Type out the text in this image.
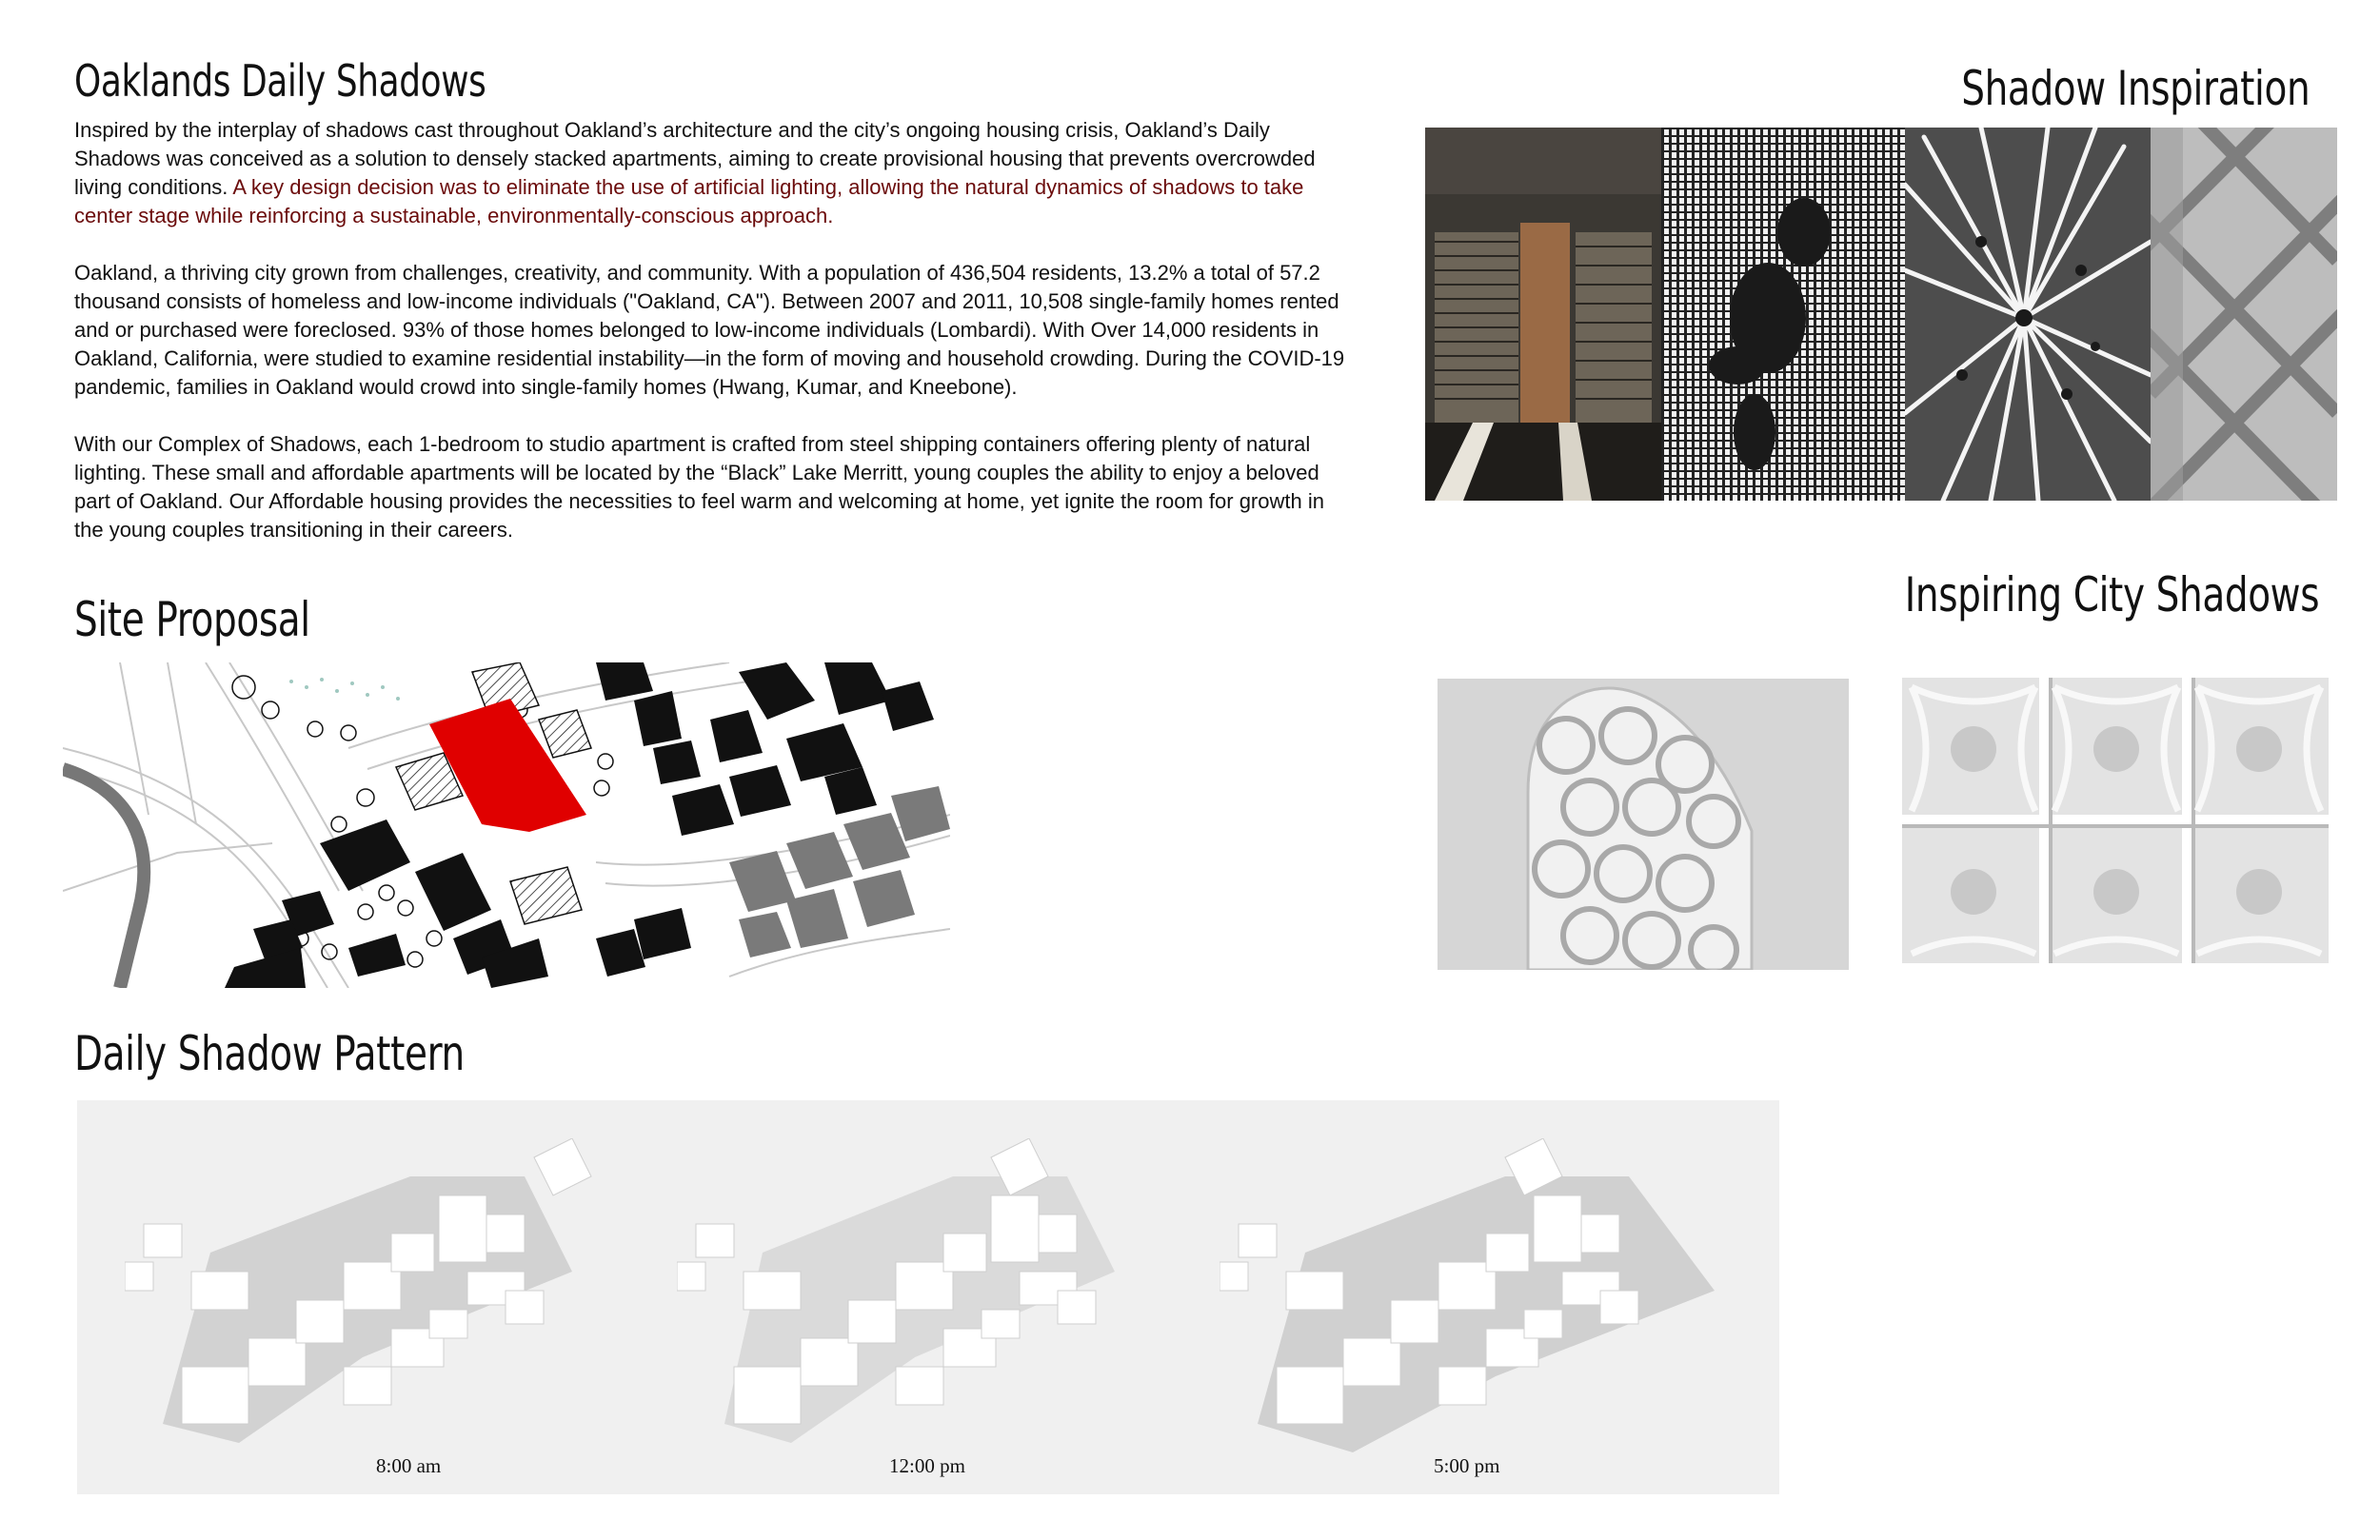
Oaklands Daily Shadows

Inspired by the interplay of shadows cast throughout Oakland’s architecture and the city’s ongoing housing crisis, Oakland’s Daily Shadows was conceived as a solution to densely stacked apartments, aiming to create provisional housing that prevents overcrowded living conditions. A key design decision was to eliminate the use of artificial lighting, allowing the natural dynamics of shadows to take center stage while reinforcing a sustainable, environmentally-conscious approach.

Oakland, a thriving city grown from challenges, creativity, and community. With a population of 436,504 residents, 13.2% a total of 57.2 thousand consists of homeless and low-income individuals ("Oakland, CA"). Between 2007 and 2011, 10,508 single-family homes rented and or purchased were foreclosed. 93% of those homes belonged to low-income individuals (Lombardi). With Over 14,000 residents in Oakland, California, were studied to examine residential instability—in the form of moving and household crowding. During the COVID-19 pandemic, families in Oakland would crowd into single-family homes (Hwang, Kumar, and Kneebone).

With our Complex of Shadows, each 1-bedroom to studio apartment is crafted from steel shipping containers offering plenty of natural lighting. These small and affordable apartments will be located by the “Black” Lake Merritt, young couples the ability to enjoy a beloved part of Oakland. Our Affordable housing provides the necessities to feel warm and welcoming at home, yet ignite the room for growth in the young couples transitioning in their careers.

Shadow Inspiration
Site Proposal	Inspiring City Shadows
Daily Shadow Pattern
8:00 am	12:00 pm	5:00 pm
